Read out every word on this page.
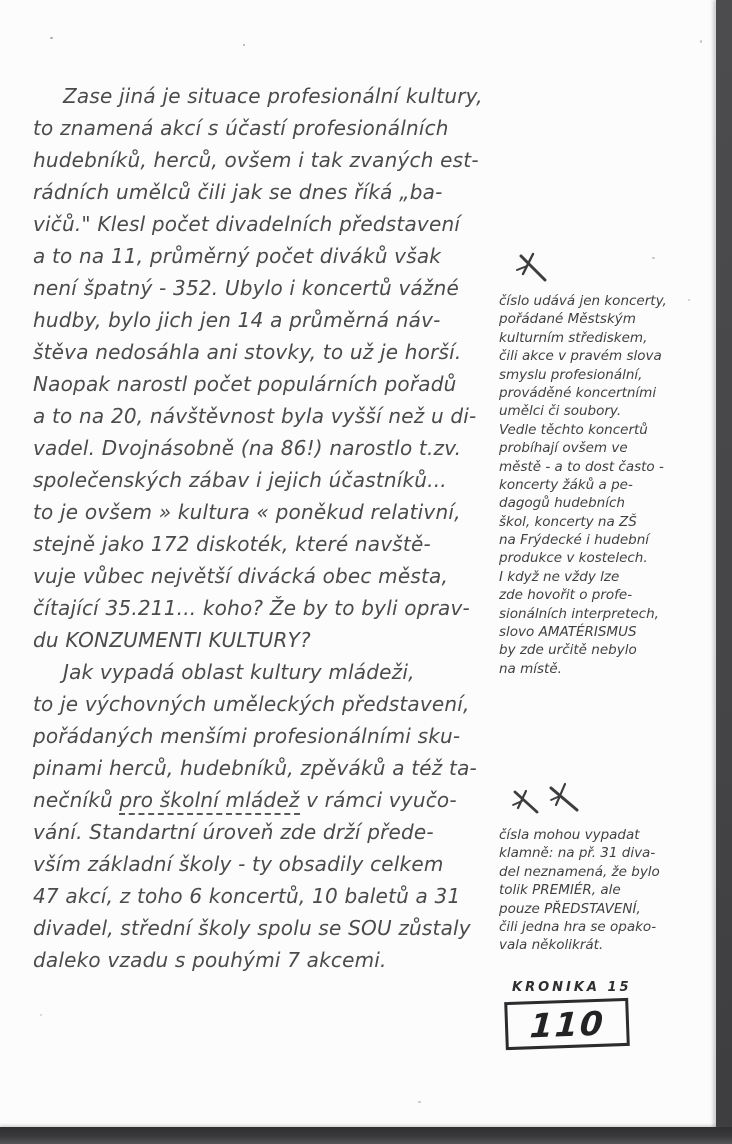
Zase jiná je situace profesionální kultury,
to znamená akcí s účastí profesionálních
hudebníků, herců, ovšem i tak zvaných est-
rádních umělců čili jak se dnes říká „ba-
vičů." Klesl počet divadelních představení
a to na 11, průměrný počet diváků však
není špatný - 352. Ubylo i koncertů vážné
hudby, bylo jich jen 14 a průměrná náv-
štěva nedosáhla ani stovky, to už je horší.
Naopak narostl počet populárních pořadů
a to na 20, návštěvnost byla vyšší než u di-
vadel. Dvojnásobně (na 86!) narostlo t.zv.
společenských zábav i jejich účastníků...
to je ovšem » kultura « poněkud relativní,
stejně jako 172 diskoték, které navště-
vuje vůbec největší divácká obec města,
čítající 35.211... koho? Že by to byli oprav-
du KONZUMENTI KULTURY?
Jak vypadá oblast kultury mládeži,
to je výchovných uměleckých představení,
pořádaných menšími profesionálními sku-
pinami herců, hudebníků, zpěváků a též ta-
nečníků pro školní mládež v rámci vyučo-
vání. Standartní úroveň zde drží přede-
vším základní školy - ty obsadily celkem
47 akcí, z toho 6 koncertů, 10 baletů a 31
divadel, střední školy spolu se SOU zůstaly
daleko vzadu s pouhými 7 akcemi.
číslo udává jen koncerty,
pořádané Městským
kulturním střediskem,
čili akce v pravém slova
smyslu profesionální,
prováděné koncertními
umělci či soubory.
Vedle těchto koncertů
probíhají ovšem ve
městě - a to dost často -
koncerty žáků a pe-
dagogů hudebních
škol, koncerty na ZŠ
na Frýdecké i hudební
produkce v kostelech.
I když ne vždy lze
zde hovořit o profe-
sionálních interpretech,
slovo AMATÉRISMUS
by zde určitě nebylo
na místě.
čísla mohou vypadat
klamně: na př. 31 diva-
del neznamená, že bylo
tolik PREMIÉR, ale
pouze PŘEDSTAVENÍ,
čili jedna hra se opako-
vala několikrát.
KRONIKA 15
110
